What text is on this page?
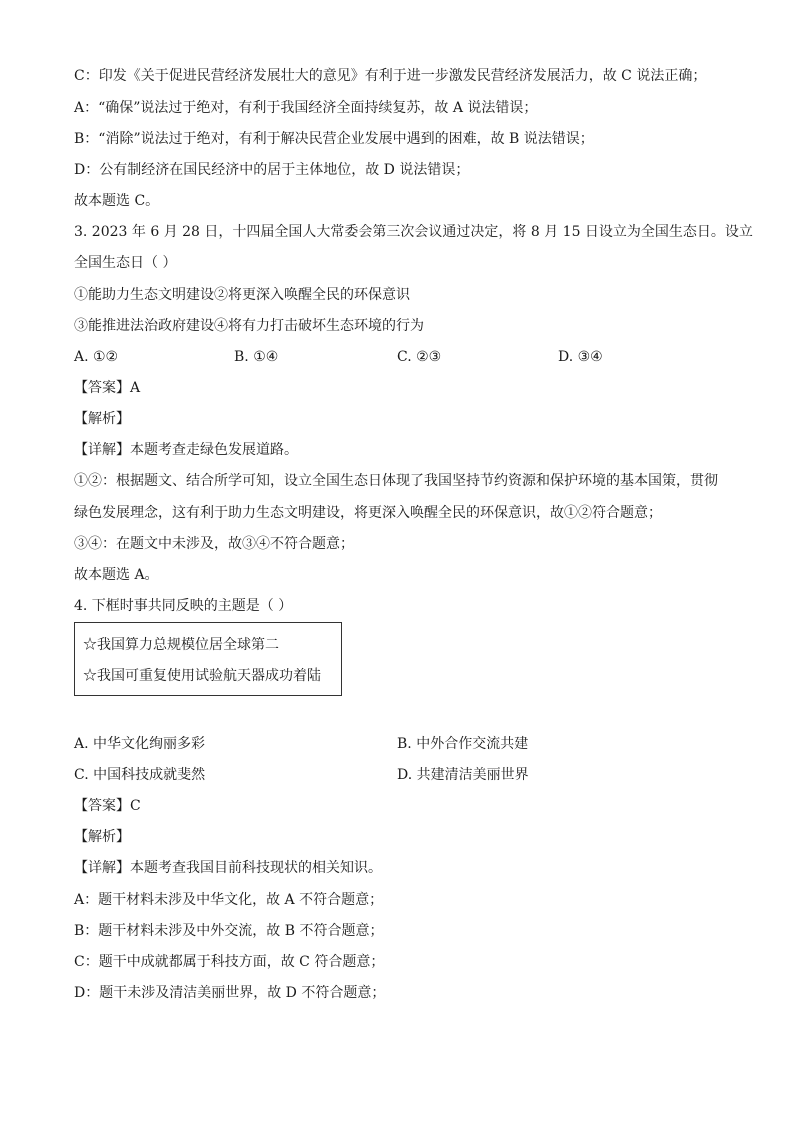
C：印发《关于促进民营经济发展壮大的意见》有利于进一步激发民营经济发展活力，故 C 说法正确；
A：“确保”说法过于绝对，有利于我国经济全面持续复苏，故 A 说法错误；
B：“消除”说法过于绝对，有利于解决民营企业发展中遇到的困难，故 B 说法错误；
D：公有制经济在国民经济中的居于主体地位，故 D 说法错误；
故本题选 C。
3. 2023 年 6 月 28 日，十四届全国人大常委会第三次会议通过决定，将 8 月 15 日设立为全国生态日。设立
全国生态日（ ）
①能助力生态文明建设②将更深入唤醒全民的环保意识
③能推进法治政府建设④将有力打击破坏生态环境的行为
A. ①②	B. ①④	C. ②③	D. ③④
【答案】A
【解析】
【详解】本题考查走绿色发展道路。
①②：根据题文、结合所学可知，设立全国生态日体现了我国坚持节约资源和保护环境的基本国策，贯彻
绿色发展理念，这有利于助力生态文明建设，将更深入唤醒全民的环保意识，故①②符合题意；
③④：在题文中未涉及，故③④不符合题意；
故本题选 A。
4. 下框时事共同反映的主题是（ ）
☆我国算力总规模位居全球第二
☆我国可重复使用试验航天器成功着陆
A. 中华文化绚丽多彩	B. 中外合作交流共建
C. 中国科技成就斐然	D. 共建清洁美丽世界
【答案】C
【解析】
【详解】本题考查我国目前科技现状的相关知识。
A：题干材料未涉及中华文化，故 A 不符合题意；
B：题干材料未涉及中外交流，故 B 不符合题意；
C：题干中成就都属于科技方面，故 C 符合题意；
D：题干未涉及清洁美丽世界，故 D 不符合题意；
